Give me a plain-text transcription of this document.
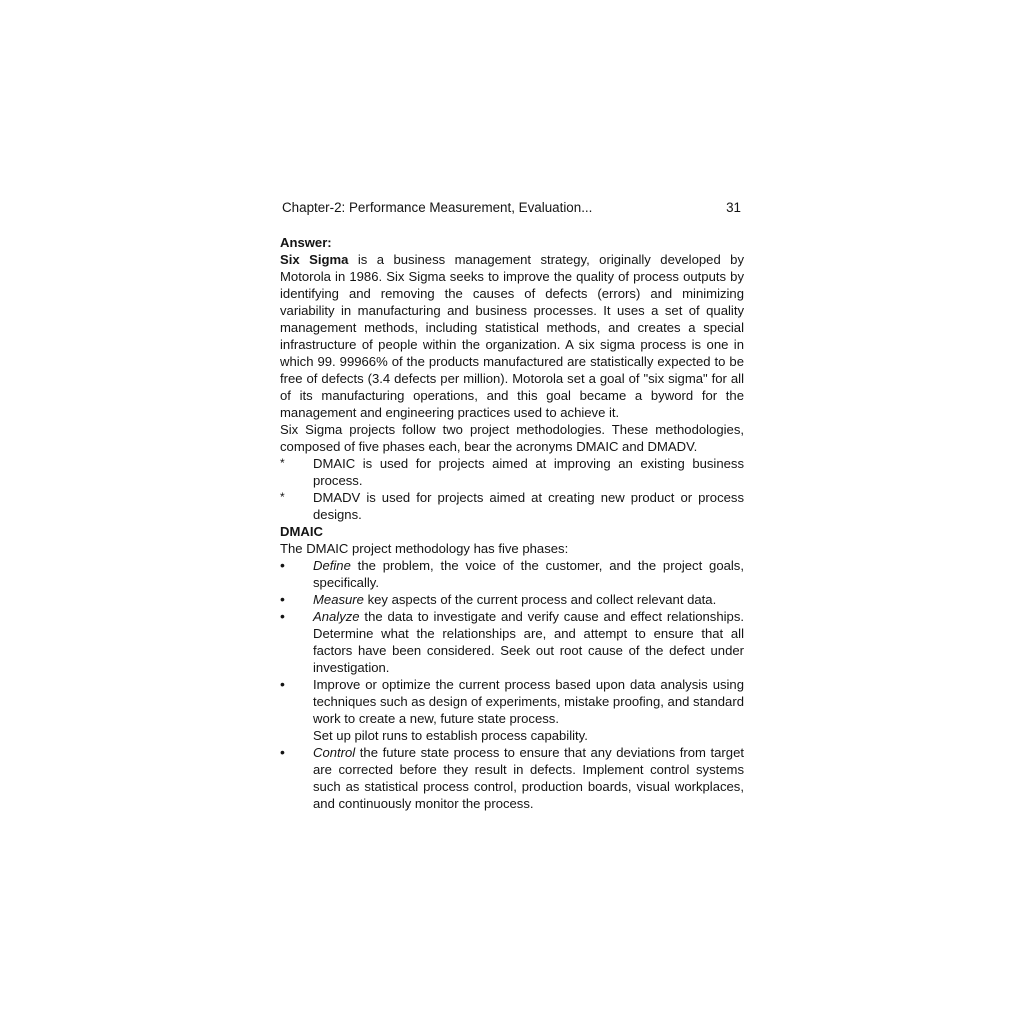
Chapter-2: Performance Measurement, Evaluation...	31

Answer:

Six Sigma is a business management strategy, originally developed by Motorola in 1986. Six Sigma seeks to improve the quality of process outputs by identifying and removing the causes of defects (errors) and minimizing variability in manufacturing and business processes. It uses a set of quality management methods, including statistical methods, and creates a special infrastructure of people within the organization. A six sigma process is one in which 99. 99966% of the products manufactured are statistically expected to be free of defects (3.4 defects per million). Motorola set a goal of "six sigma" for all of its manufacturing operations, and this goal became a byword for the management and engineering practices used to achieve it.

Six Sigma projects follow two project methodologies. These methodologies, composed of five phases each, bear the acronyms DMAIC and DMADV.

*	DMAIC is used for projects aimed at improving an existing business process.
*	DMADV is used for projects aimed at creating new product or process designs.

DMAIC

The DMAIC project methodology has five phases:

•	Define the problem, the voice of the customer, and the project goals, specifically.
•	Measure key aspects of the current process and collect relevant data.
•	Analyze the data to investigate and verify cause and effect relationships. Determine what the relationships are, and attempt to ensure that all factors have been considered. Seek out root cause of the defect under investigation.
•	Improve or optimize the current process based upon data analysis using techniques such as design of experiments, mistake proofing, and standard work to create a new, future state process.
Set up pilot runs to establish process capability.
•	Control the future state process to ensure that any deviations from target are corrected before they result in defects. Implement control systems such as statistical process control, production boards, visual workplaces, and continuously monitor the process.
